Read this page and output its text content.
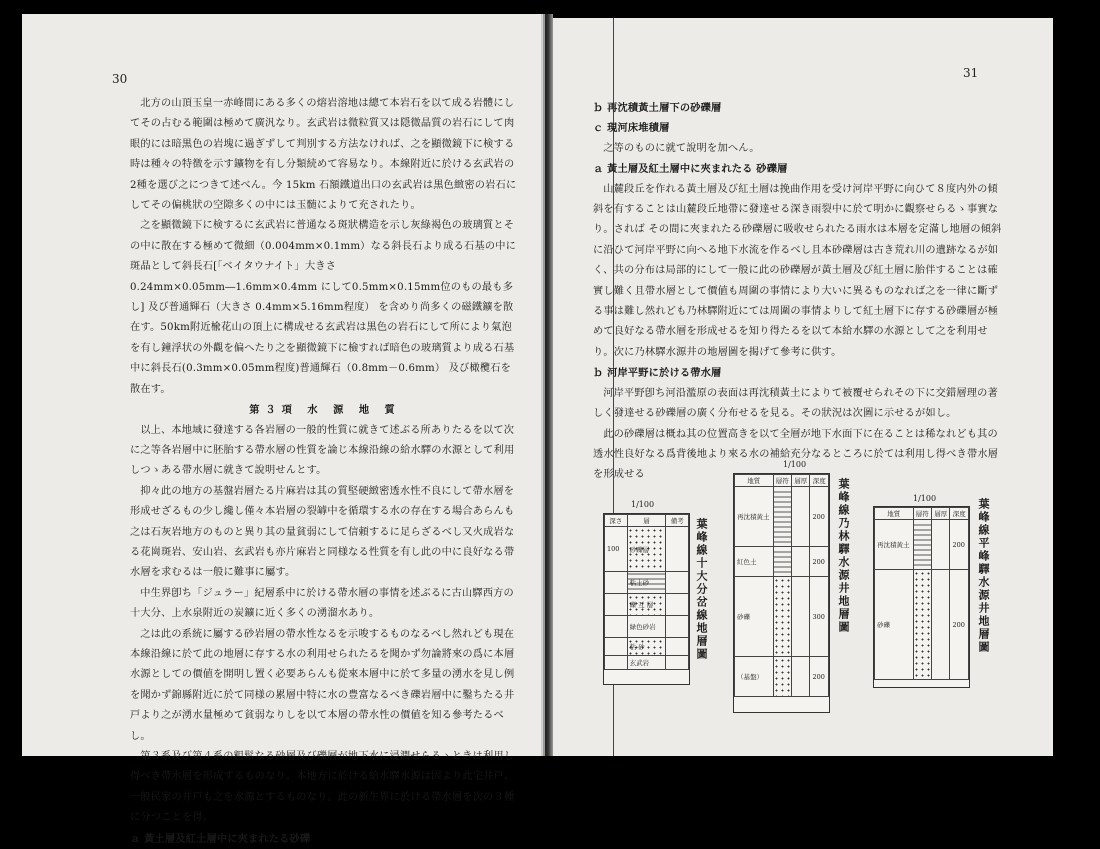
30

北方の山頂玉皇一赤峰間にある多くの熔岩溶地は總て本岩石を以て成る岩體にしてその占むる範圍は極めて廣汎なり。玄武岩は微粒質又は隠微晶質の岩石にして肉眼的には暗黒色の岩塊に過ぎずして判別する方法なければ、之を顯微鏡下に検する時は種々の特徴を示す鑛物を有し分類続めて容易なり。本線附近に於ける玄武岩の2種を選び之につきて述べん。今 15km 石額鐵道出口の玄武岩は黒色緻密の岩石にしてその偏桃狀の空隙多くの中には玉髄によりて充されたり。

之を顯微鏡下に検するに玄武岩に普通なる斑狀構造を示し灰綠褐色の玻璃質とその中に散在する極めて微細（0.004mm×0.1mm）なる斜長石より成る石基の中に斑晶として斜長石[「ベイタウナイト」大きさ0.24mm×0.05mm―1.6mm×0.4mm にして0.5mm×0.15mm位のもの最も多し] 及び普通輝石（大きさ 0.4mm×5.16mm程度） を含めり尚多くの磁鐵鑛を散在す。50km附近楡花山の頂上に構成せる玄武岩は黒色の岩石にして所により氣泡を有し鐘浮状の外觀を偏へたり之を顯微鏡下に檢すれば暗色の玻璃質より成る石基中に斜長石(0.3mm×0.05mm程度)普通輝石（0.8mm－0.6mm） 及び橄欖石を散在す。

第３項 水 源 地 質

以上、本地域に發達する各岩層の一般的性質に就きて述ぶる所ありたるを以て次に之等各岩層中に胚胎する帶水層の性質を論じ本線沿線の給水驛の水源として利用しつゝある帶水層に就きて說明せんとす。

抑々此の地方の基盤岩層たる片麻岩は其の質堅硬緻密透水性不良にして帶水層を形成せざるもの少し纔し僅々本岩層の裂罅中を循環する水の存在する場合あらんも之は石灰岩地方のものと異り其の量貧弱にして信頼するに足らざるべし又火成岩なる花崗斑岩、安山岩、玄武岩も亦片麻岩と同様なる性質を有し此の中に良好なる帶水層を求むるは一般に難事に屬す。

中生界卽ち「ジュラー」紀層系中に於ける帶水層の事情を述ぶるに古山驛西方の十大分、上水泉附近の炭鑛に近く多くの湧溜水あり。

之は此の系統に屬する砂岩層の帶水性なるを示唆するものなるべし然れども現在本線沿線に於て此の地層に存する水の利用せられたるを聞かず勿論將來の爲に本層水源としての價値を開明し置く必要あらんも從來本層中に於て多量の湧水を見し例を聞かず錦縣附近に於て同様の累層中特に水の豊富なるべき礫岩層中に鑿ちたる井戸より之が湧水量極めて貧弱なりしを以て本層の帶水性の價値を知る參考たるべし。

第３系及び第４系の粗鬆なる砂層及び礫層が地下水に浸潤せらるゝときは利用し得べき帶水層を形成するものなり。本地方に於ける給水驛水源は因より此宅井戸、一般民家の井戸も之を水源とするものなり。此の新生界に於ける帶水層を次の３種に分つことを得。

ａ 黃土層及紅土層中に夾まれたる砂礫

31

ｂ 再沈積黃土層下の砂礫層

ｃ 現河床堆積層

之等のものに就て說明を加へん。

ａ 黃土層及紅土層中に夾まれたる 砂礫層

山麓段丘を作れる黃土層及び紅土層は挽曲作用を受け河岸平野に向ひて８度内外の傾斜を有することは山麓段丘地帶に發達せる深き雨裂中に於て明かに觀察せらるゝ事實なり。されば その間に夾まれたる砂礫層に吸收せられたる雨水は本層を定滿し地層の傾斜に沿ひて河岸平野に向へる地下水流を作るべし且本砂礫層は古き荒れ川の遺跡なるが如く、共の分布は局部的にして一般に此の砂礫層が黃土層及び紅土層に胎伴することは確實し難く且帶水層として價値も周圍の事情により大いに異るものなれば之を一律に斷ずる事は難し然れども乃林驛附近にては周圍の事情よりして紅土層下に存する砂礫層が極めて良好なる帶水層を形成せるを知り得たるを以て本給水驛の水源として之を利用せり。次に乃林驛水源井の地層圖を揭げて參考に供す。

ｂ 河岸平野に於ける帶水層

河岸平野卽ち河沿濫原の表面は再沈積黃土によりて被覆せられその下に交錯層理の著しく發達せる砂礫層の廣く分布せるを見る。その狀況は次圖に示せるが如し。

此の砂礫層は概ね其の位置高きを以て全層が地下水面下に在ることは稀なれども其の透水性良好なる爲背後地より來る水の補給充分なるところに於ては利用し得べき帶水層を形成せる

1/100
深さ	層	備考
100	砂礫層	
	粘土砂	
	礫 互 層	
	緑色砂岩	
	粘 砂	
	玄武岩	
葉峰線十大分岔線地層圖
1/100
地質	層符	層厚	深度
再沈積黃土			200
紅色土			200
砂礫			300
（基盤）			200
葉峰線乃林驛水源井地層圖	1/100
地質	層符	層厚	深度
再沈積黃土			200
砂礫			200 葉峰線平峰驛水源井地層圖
